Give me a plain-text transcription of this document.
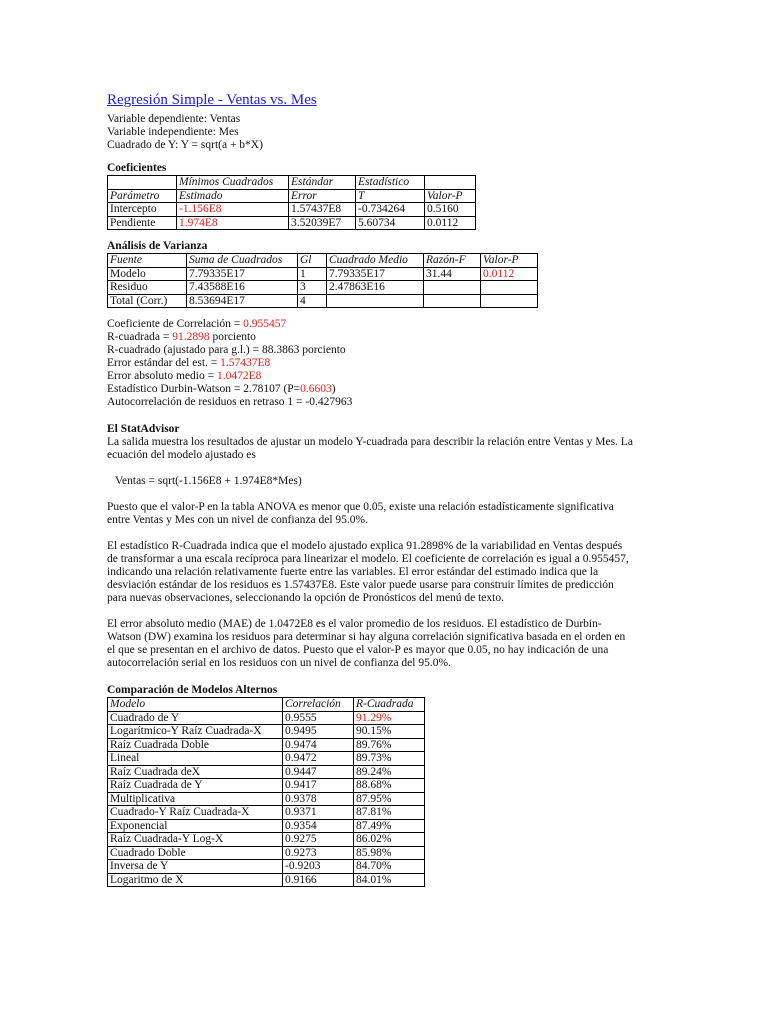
Regresión Simple - Ventas vs. Mes
Variable dependiente: Ventas
Variable independiente: Mes
Cuadrado de Y: Y = sqrt(a + b*X)
Coeficientes
	Mínimos Cuadrados	Estándar	Estadístico	
Parámetro	Estimado	Error	T	Valor-P
Intercepto	-1.156E8	1.57437E8	-0.734264	0.5160
Pendiente	1.974E8	3.52039E7	5.60734	0.0112
Análisis de Varianza
Fuente	Suma de Cuadrados	Gl	Cuadrado Medio	Razón-F	Valor-P
Modelo	7.79335E17	1	7.79335E17	31.44	0.0112
Residuo	7.43588E16	3	2.47863E16		
Total (Corr.)	8.53694E17	4			
Coeficiente de Correlación = 0.955457
R-cuadrada = 91.2898 porciento
R-cuadrado (ajustado para g.l.) = 88.3863 porciento
Error estándar del est. = 1.57437E8
Error absoluto medio = 1.0472E8
Estadístico Durbin-Watson = 2.78107 (P=0.6603)
Autocorrelación de residuos en retraso 1 = -0.427963
El StatAdvisor
La salida muestra los resultados de ajustar un modelo Y-cuadrada para describir la relación entre Ventas y Mes. La ecuación del modelo ajustado es
Ventas = sqrt(-1.156E8 + 1.974E8*Mes)
Puesto que el valor-P en la tabla ANOVA es menor que 0.05, existe una relación estadísticamente significativa entre Ventas y Mes con un nivel de confianza del 95.0%.
El estadístico R-Cuadrada indica que el modelo ajustado explica 91.2898% de la variabilidad en Ventas después de transformar a una escala recíproca para linearizar el modelo. El coeficiente de correlación es igual a 0.955457, indicando una relación relativamente fuerte entre las variables. El error estándar del estimado indica que la desviación estándar de los residuos es 1.57437E8. Este valor puede usarse para construir límites de predicción para nuevas observaciones, seleccionando la opción de Pronósticos del menú de texto.
El error absoluto medio (MAE) de 1.0472E8 es el valor promedio de los residuos. El estadístico de Durbin-Watson (DW) examina los residuos para determinar si hay alguna correlación significativa basada en el orden en el que se presentan en el archivo de datos. Puesto que el valor-P es mayor que 0.05, no hay indicación de una autocorrelación serial en los residuos con un nivel de confianza del 95.0%.
Comparación de Modelos Alternos
Modelo	Correlación	R-Cuadrada
Cuadrado de Y	0.9555	91.29%
Logarítmico-Y Raíz Cuadrada-X	0.9495	90.15%
Raíz Cuadrada Doble	0.9474	89.76%
Lineal	0.9472	89.73%
Raíz Cuadrada deX	0.9447	89.24%
Raíz Cuadrada de Y	0.9417	88.68%
Multiplicativa	0.9378	87.95%
Cuadrado-Y Raíz Cuadrada-X	0.9371	87.81%
Exponencial	0.9354	87.49%
Raíz Cuadrada-Y Log-X	0.9275	86.02%
Cuadrado Doble	0.9273	85.98%
Inversa de Y	-0.9203	84.70%
Logaritmo de X	0.9166	84.01%
